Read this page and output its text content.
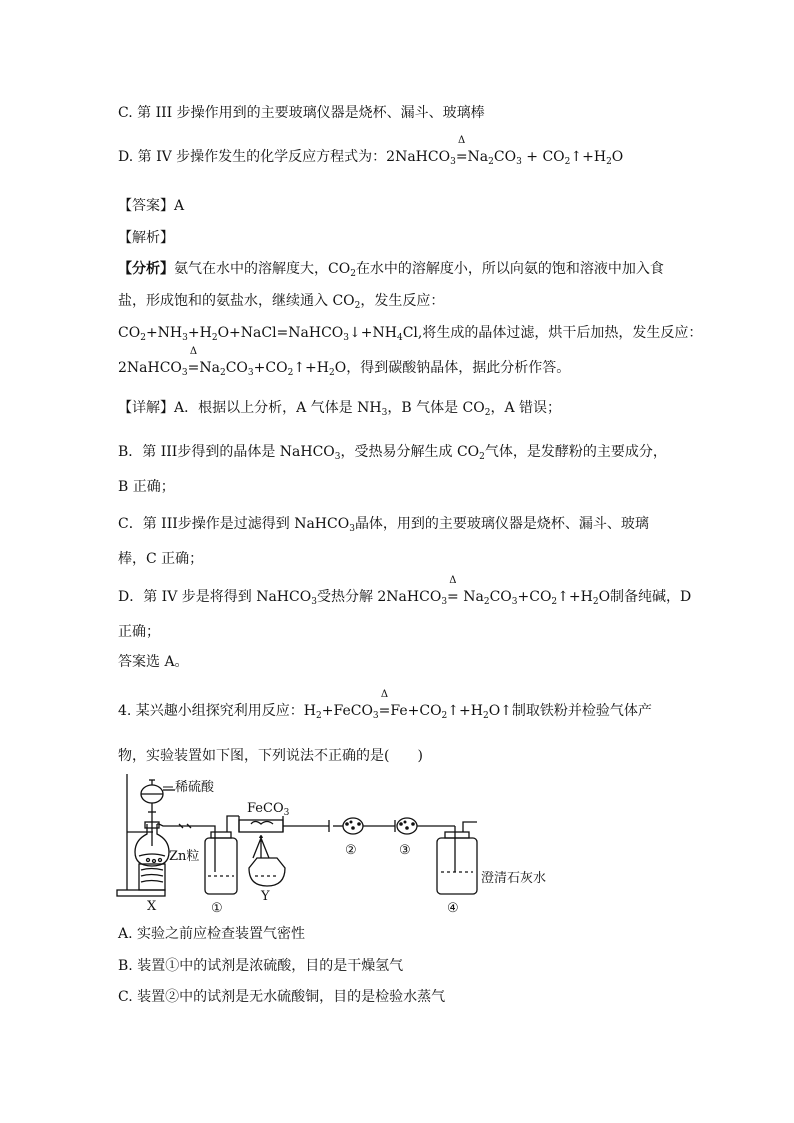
C. 第 III 步操作用到的主要玻璃仪器是烧杯、漏斗、玻璃棒
D. 第 IV 步操作发生的化学反应方程式为：2NaHCO$_3$
Δ
$=Na_2CO_3$ + $CO_2↑+H_2O$
【答案】A
【解析】
【分析】氨气在水中的溶解度大，$CO_2$在水中的溶解度小，所以向氨的饱和溶液中加入食
盐，形成饱和的氨盐水，继续通入 $CO_2$，发生反应：
$CO_2+NH_3+H_2O+NaCl=NaHCO_3↓+NH_4Cl$,将生成的晶体过滤，烘干后加热，发生反应：
2NaHCO$_3$
Δ
$=Na_2CO_3+CO_2↑+H_2O$，得到碳酸钠晶体，据此分析作答。
【详解】A．根据以上分析，A 气体是 $NH_3$，B 气体是 $CO_2$，A 错误；
B．第 III步得到的晶体是 NaHCO$_3$，受热易分解生成 $CO_2$气体，是发酵粉的主要成分，
B 正确；
C．第 III步操作是过滤得到 NaHCO$_3$晶体，用到的主要玻璃仪器是烧杯、漏斗、玻璃
棒，C 正确；
D．第 IV 步是将得到 NaHCO$_3$受热分解 2NaHCO$_3$
Δ
= $Na_2CO_3+CO_2↑+H_2O$制备纯碱，D
正确；
答案选 A。
4. 某兴趣小组探究利用反应：$H_2+FeCO_3$
Δ
$=Fe+CO_2↑+H_2O↑$制取铁粉并检验气体产
物，实验装置如下图，下列说法不正确的是(　　)
稀硫酸
FeCO$_3$
Zn粒
X
Y
①
②	③
④
澄清石灰水
A. 实验之前应检查装置气密性
B. 装置①中的试剂是浓硫酸，目的是干燥氢气
C. 装置②中的试剂是无水硫酸铜，目的是检验水蒸气
